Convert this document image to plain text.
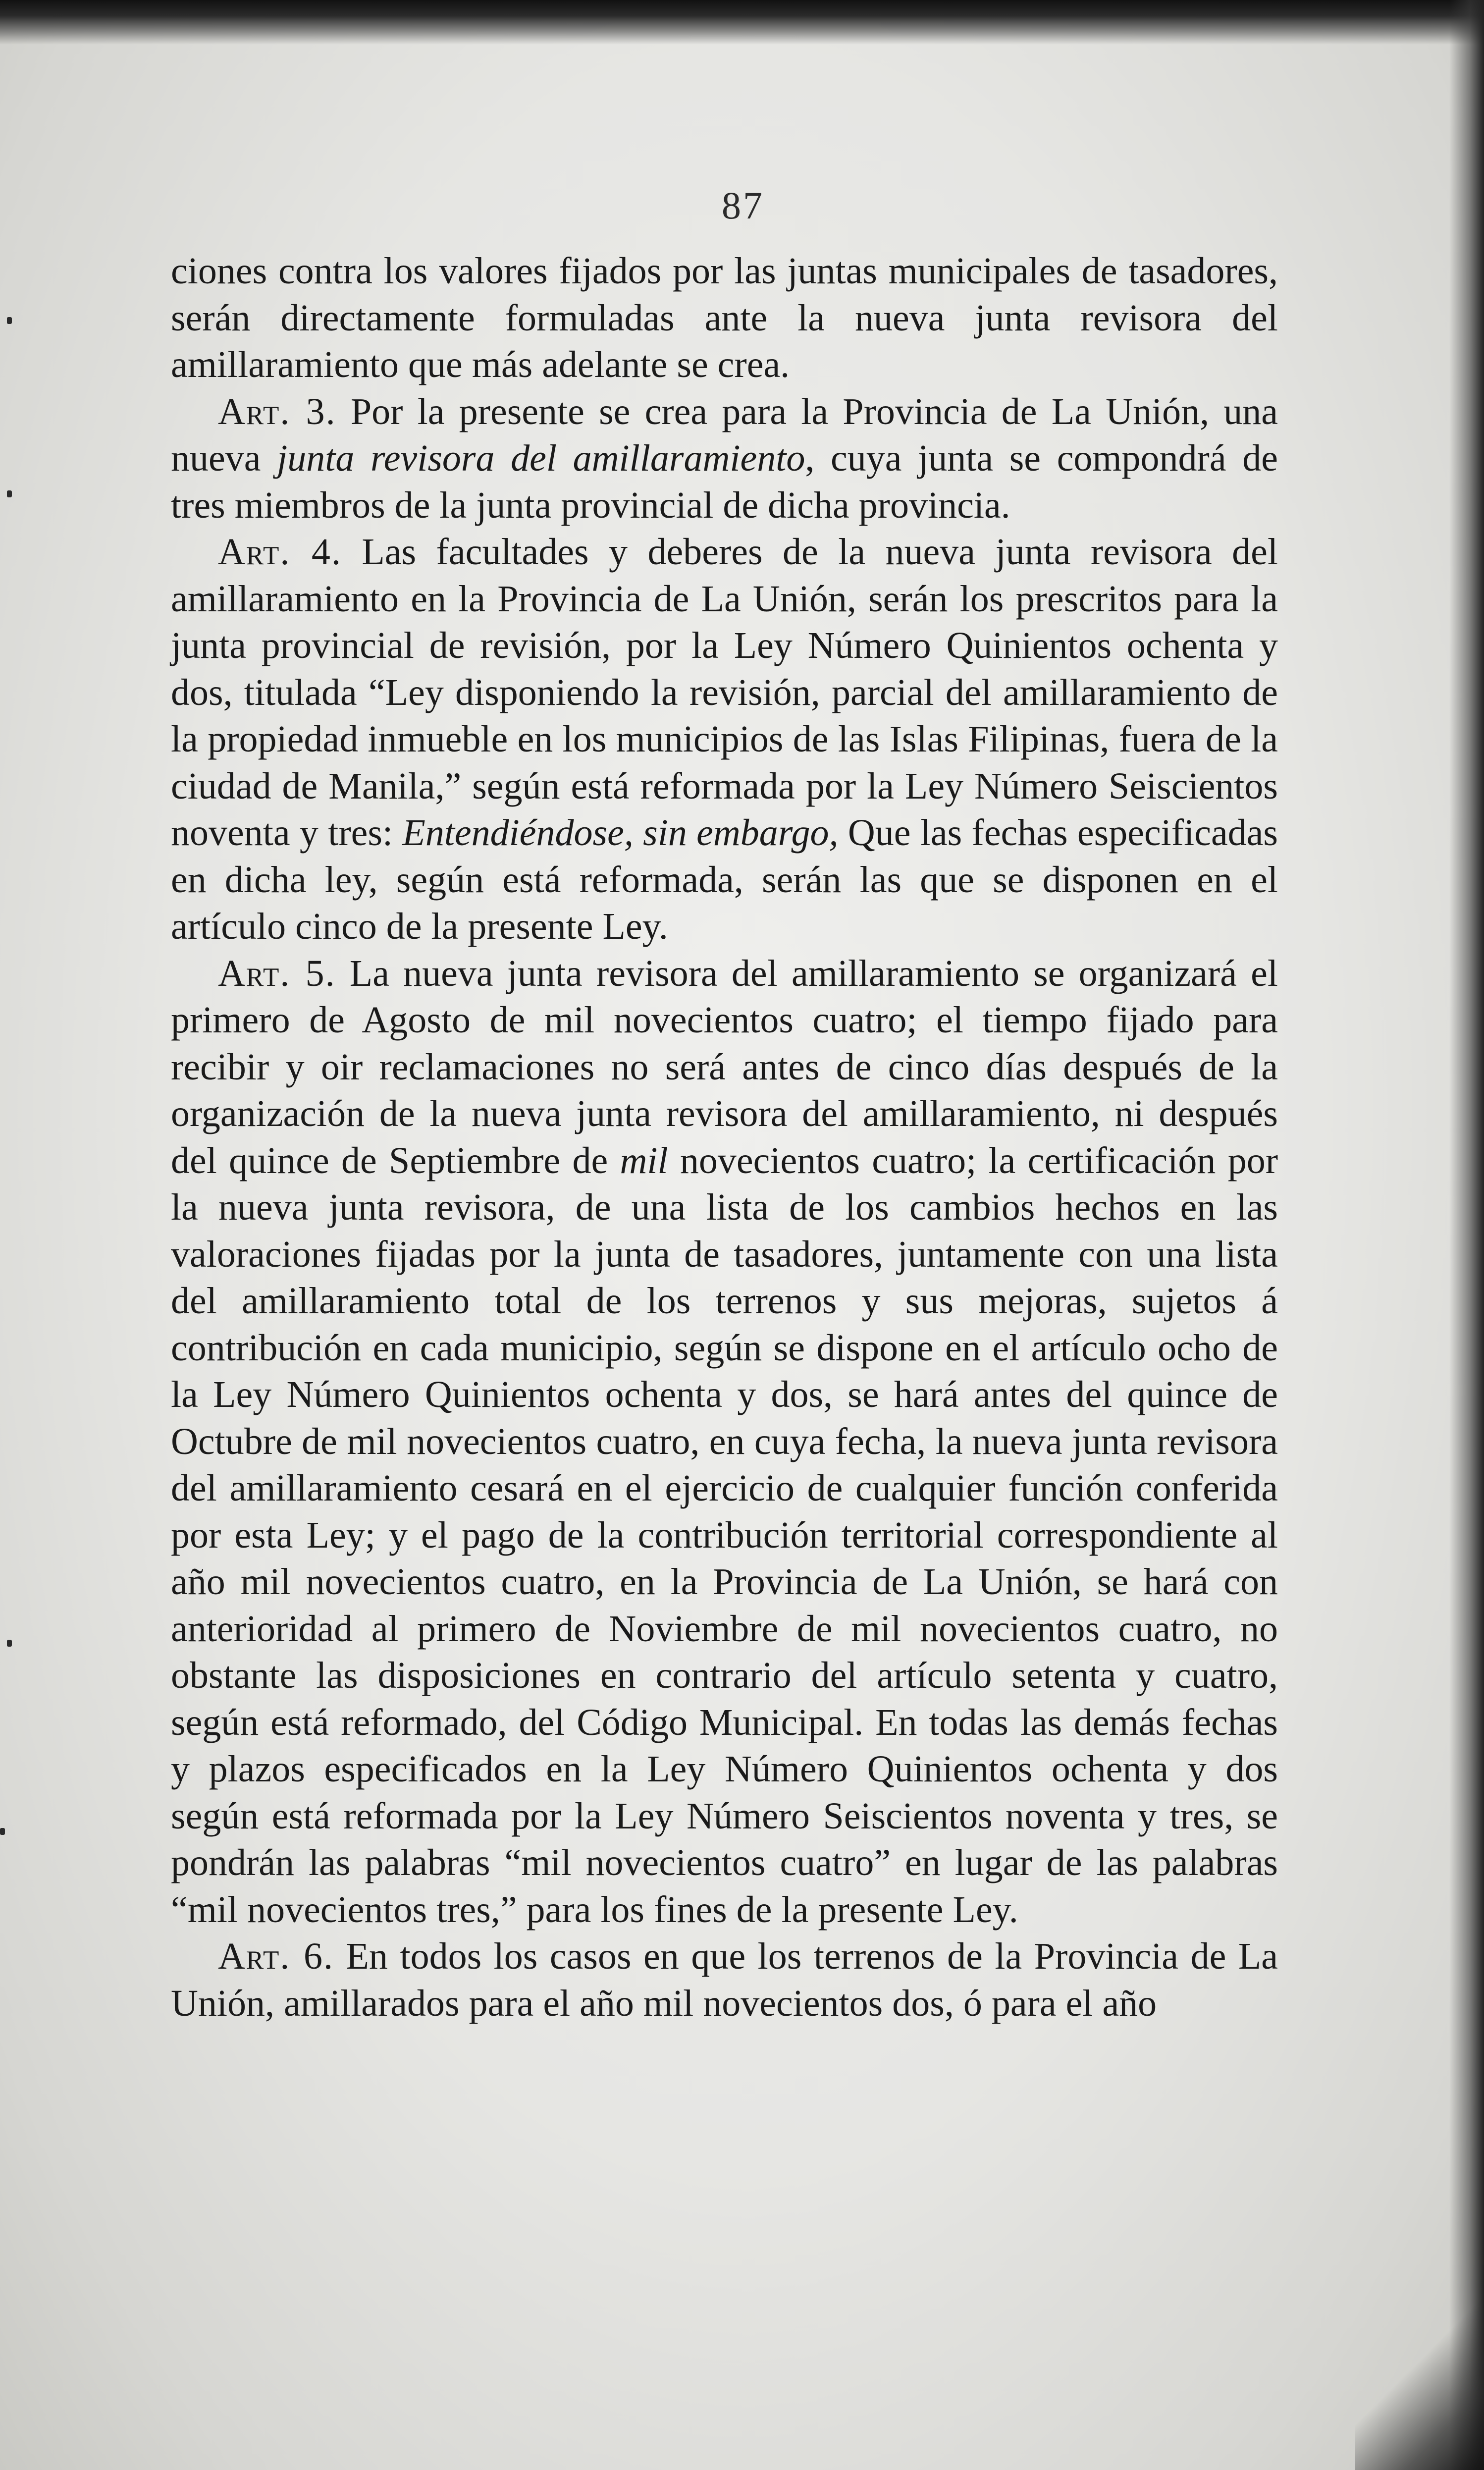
87

ciones contra los valores fijados por las juntas municipales de tasadores, serán directamente formuladas ante la nueva junta revisora del amillaramiento que más adelante se crea.

Art. 3. Por la presente se crea para la Provincia de La Unión, una nueva junta revisora del amillaramiento, cuya junta se compondrá de tres miembros de la junta provincial de dicha provincia.

Art. 4. Las facultades y deberes de la nueva junta revisora del amillaramiento en la Provincia de La Unión, serán los prescritos para la junta provincial de revisión, por la Ley Número Quinientos ochenta y dos, titulada “Ley disponiendo la revisión, parcial del amillaramiento de la propiedad inmueble en los municipios de las Islas Filipinas, fuera de la ciudad de Manila,” según está reformada por la Ley Número Seiscientos noventa y tres: Entendiéndose, sin embargo, Que las fechas especificadas en dicha ley, según está reformada, serán las que se disponen en el artículo cinco de la presente Ley.

Art. 5. La nueva junta revisora del amillaramiento se organizará el primero de Agosto de mil novecientos cuatro; el tiempo fijado para recibir y oir reclamaciones no será antes de cinco días después de la organización de la nueva junta revisora del amillaramiento, ni después del quince de Septiembre de mil novecientos cuatro; la certificación por la nueva junta revisora, de una lista de los cambios hechos en las valoraciones fijadas por la junta de tasadores, juntamente con una lista del amillaramiento total de los terrenos y sus mejoras, sujetos á contribución en cada municipio, según se dispone en el artículo ocho de la Ley Número Quinientos ochenta y dos, se hará antes del quince de Octubre de mil novecientos cuatro, en cuya fecha, la nueva junta revisora del amillaramiento cesará en el ejercicio de cualquier función conferida por esta Ley; y el pago de la contribución territorial correspondiente al año mil novecientos cuatro, en la Provincia de La Unión, se hará con anterioridad al primero de Noviembre de mil novecientos cuatro, no obstante las disposiciones en contrario del artículo setenta y cuatro, según está reformado, del Código Municipal. En todas las demás fechas y plazos especificados en la Ley Número Quinientos ochenta y dos según está reformada por la Ley Número Seiscientos noventa y tres, se pondrán las palabras “mil novecientos cuatro” en lugar de las palabras “mil novecientos tres,” para los fines de la presente Ley.

Art. 6. En todos los casos en que los terrenos de la Provincia de La Unión, amillarados para el año mil novecientos dos, ó para el año
